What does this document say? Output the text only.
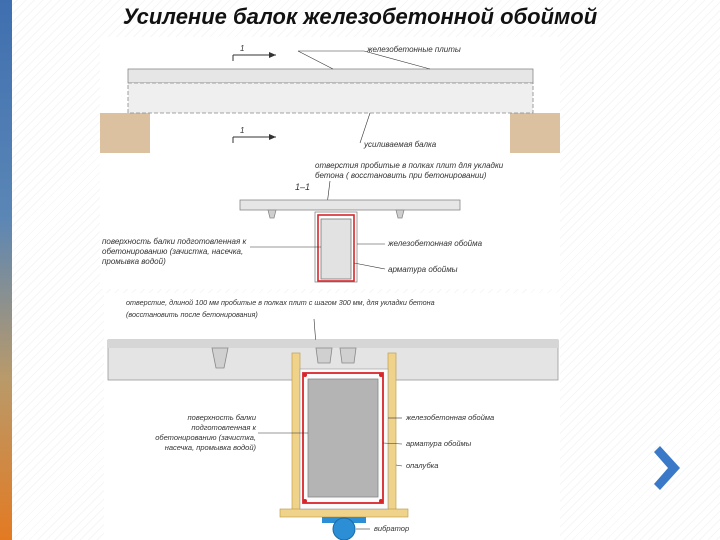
Усиление балок железобетонной обоймой
1
1
железобетонные плиты
усиливаемая балка
отверстия пробитые в полках плит для укладки
бетона ( восстановить при бетонировании)
1–1
поверхность балки подготовленная к
обетонированию (зачистка, насечка,
промывка водой)
железобетонная обойма
арматура обоймы
отверстие, длиной 100 мм пробитые в полках плит с шагом 300 мм, для укладки бетона
(восстановить после бетонирования)
поверхность балки
подготовленная к
обетонированию (зачистка,
насечка, промывка водой)
железобетонная обойма
арматура обоймы
опалубка
вибратор
